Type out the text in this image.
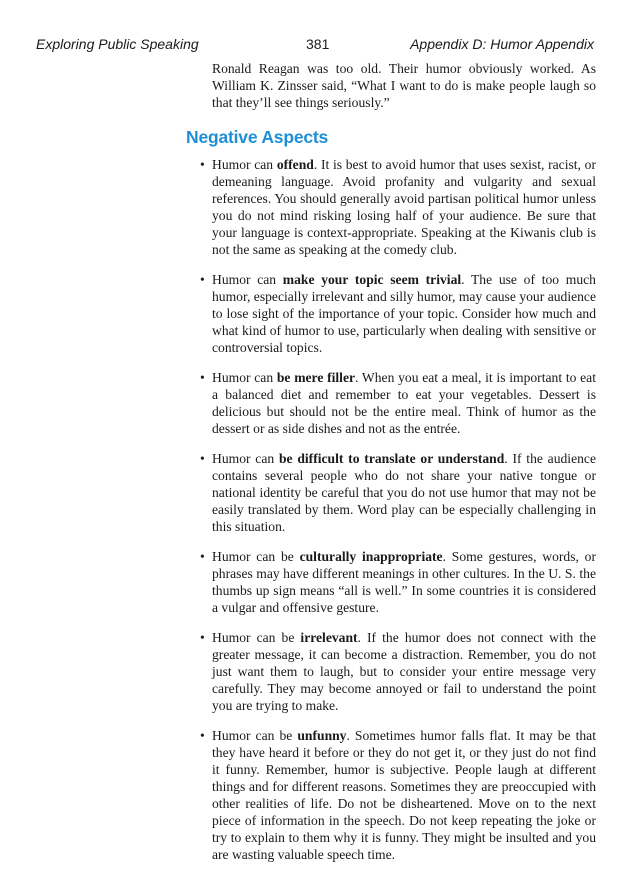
Exploring Public Speaking	381	Appendix D: Humor Appendix

Ronald Reagan was too old. Their humor obviously worked. As William K. Zinsser said, “What I want to do is make people laugh so that they’ll see things seriously.”

Negative Aspects
• Humor can offend. It is best to avoid humor that uses sexist, racist, or demeaning language. Avoid profanity and vulgarity and sexual references. You should generally avoid partisan political humor unless you do not mind risking losing half of your audience. Be sure that your language is context-appropriate. Speaking at the Kiwanis club is not the same as speaking at the comedy club.
• Humor can make your topic seem trivial. The use of too much humor, especially irrelevant and silly humor, may cause your audience to lose sight of the importance of your topic. Consider how much and what kind of humor to use, particularly when dealing with sensitive or controversial topics.
• Humor can be mere filler. When you eat a meal, it is important to eat a balanced diet and remember to eat your vegetables. Dessert is delicious but should not be the entire meal. Think of humor as the dessert or as side dishes and not as the entrée.
• Humor can be difficult to translate or understand. If the audience contains several people who do not share your native tongue or national identity be careful that you do not use humor that may not be easily translated by them. Word play can be especially challenging in this situation.
• Humor can be culturally inappropriate. Some gestures, words, or phrases may have different meanings in other cultures. In the U. S. the thumbs up sign means “all is well.” In some countries it is considered a vulgar and offensive gesture.
• Humor can be irrelevant. If the humor does not connect with the greater message, it can become a distraction. Remember, you do not just want them to laugh, but to consider your entire message very carefully. They may become annoyed or fail to understand the point you are trying to make.
• Humor can be unfunny. Sometimes humor falls flat. It may be that they have heard it before or they do not get it, or they just do not find it funny. Remember, humor is subjective. People laugh at different things and for different reasons. Sometimes they are preoccupied with other realities of life. Do not be disheartened. Move on to the next piece of information in the speech. Do not keep repeating the joke or try to explain to them why it is funny. They might be insulted and you are wasting valuable speech time.
